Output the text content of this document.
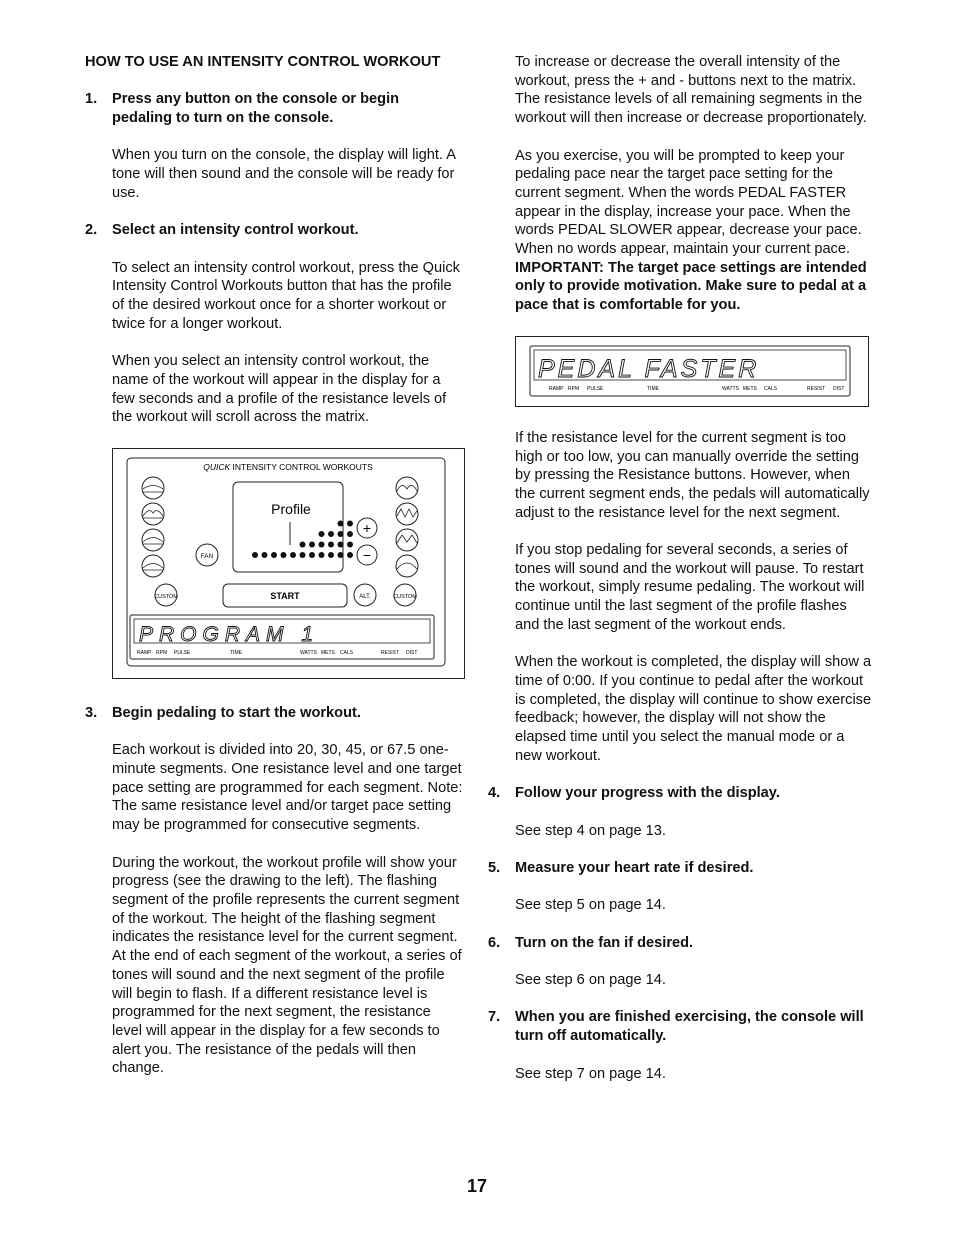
HOW TO USE AN INTENSITY CONTROL WORKOUT

1.	Press any button on the console or begin pedaling to turn on the console.

When you turn on the console, the display will light. A tone will then sound and the console will be ready for use.

2.	Select an intensity control workout.

To select an intensity control workout, press the Quick Intensity Control Workouts button that has the profile of the desired workout once for a shorter workout or twice for a longer workout.

When you select an intensity control workout, the name of the workout will appear in the display for a few seconds and a profile of the resistance levels of the workout will scroll across the matrix.

QUICK INTENSITY CONTROL WORKOUTS
Profile
+
−
FAN
CUSTOM	START	ALT.	CUSTOM
PROGRAM 1
RAMP RPM PULSE	TIME	WATTS METS CALS	RESIST DIST
3.	Begin pedaling to start the workout.

Each workout is divided into 20, 30, 45, or 67.5 one-minute segments. One resistance level and one target pace setting are programmed for each segment. Note: The same resistance level and/or target pace setting may be programmed for consecutive segments.

During the workout, the workout profile will show your progress (see the drawing to the left). The flashing segment of the profile represents the current segment of the workout. The height of the flashing segment indicates the resistance level for the current segment. At the end of each segment of the workout, a series of tones will sound and the next segment of the profile will begin to flash. If a different resistance level is programmed for the next segment, the resistance level will appear in the display for a few seconds to alert you. The resistance of the pedals will then change.

To increase or decrease the overall intensity of the workout, press the + and - buttons next to the matrix. The resistance levels of all remaining segments in the workout will then increase or decrease proportionately.

As you exercise, you will be prompted to keep your pedaling pace near the target pace setting for the current segment. When the words PEDAL FASTER appear in the display, increase your pace. When the words PEDAL SLOWER appear, decrease your pace. When no words appear, maintain your current pace. IMPORTANT: The target pace settings are intended only to provide motivation. Make sure to pedal at a pace that is comfortable for you.

PEDAL FASTER
RAMP RPM PULSE	TIME	WATTS METS CALS	RESIST DIST

If the resistance level for the current segment is too high or too low, you can manually override the setting by pressing the Resistance buttons. However, when the current segment ends, the pedals will automatically adjust to the resistance level for the next segment.

If you stop pedaling for several seconds, a series of tones will sound and the workout will pause. To restart the workout, simply resume pedaling. The workout will continue until the last segment of the profile flashes and the last segment of the workout ends.

When the workout is completed, the display will show a time of 0:00. If you continue to pedal after the workout is completed, the display will continue to show exercise feedback; however, the display will not show the elapsed time until you select the manual mode or a new workout.

4.	Follow your progress with the display.

See step 4 on page 13.

5.	Measure your heart rate if desired.

See step 5 on page 14.

6.	Turn on the fan if desired.

See step 6 on page 14.

7.	When you are finished exercising, the console will turn off automatically.

See step 7 on page 14.

17
